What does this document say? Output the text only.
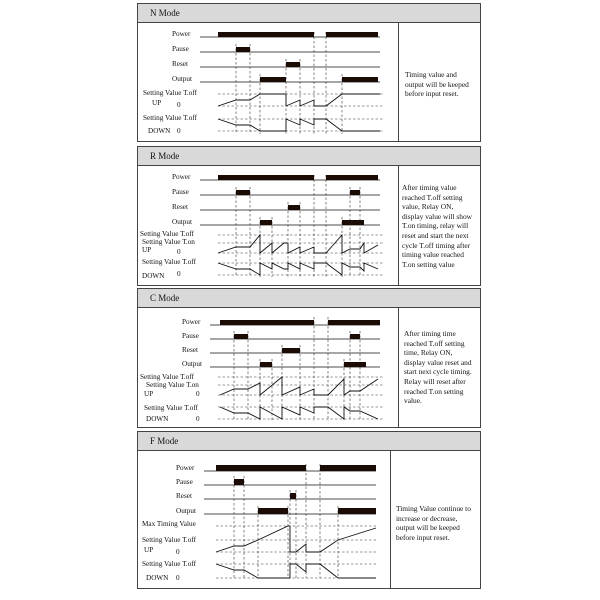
N Mode
Power
Pause
Reset
Output
Setting Value T.off
UP 0
Setting Value T.off
DOWN 0
Timing value and
output will be keeped
before input reset.
R Mode
Power
Pause
Reset
Output
Setting Value T.off
Setting Value T.on
UP	0
Setting Value T.off
DOWN 0
After timing value
reached T.off setting
value, Relay ON,
display value will show
T.on timing, relay will
reset and start the next
cycle T.off timing after
timing value reached
T.on setting value
C Mode
Power
Pause
Reset
Output
Setting Value T.off
Setting Value T.on
UP	0
Setting Value T.off
DOWN	0
After timing time
reached T.off setting
time, Relay ON,
display value reset and
start next cycle timing.
Relay will reset after
reached T.on setting
value.
F Mode
Power
Pause
Reset
Output
Max Timing Value
Setting Value T.off
UP	0
Setting Value T.off
DOWN 0
Timing Value continue to
increase or decrease,
output will be keeped
before input reset.
